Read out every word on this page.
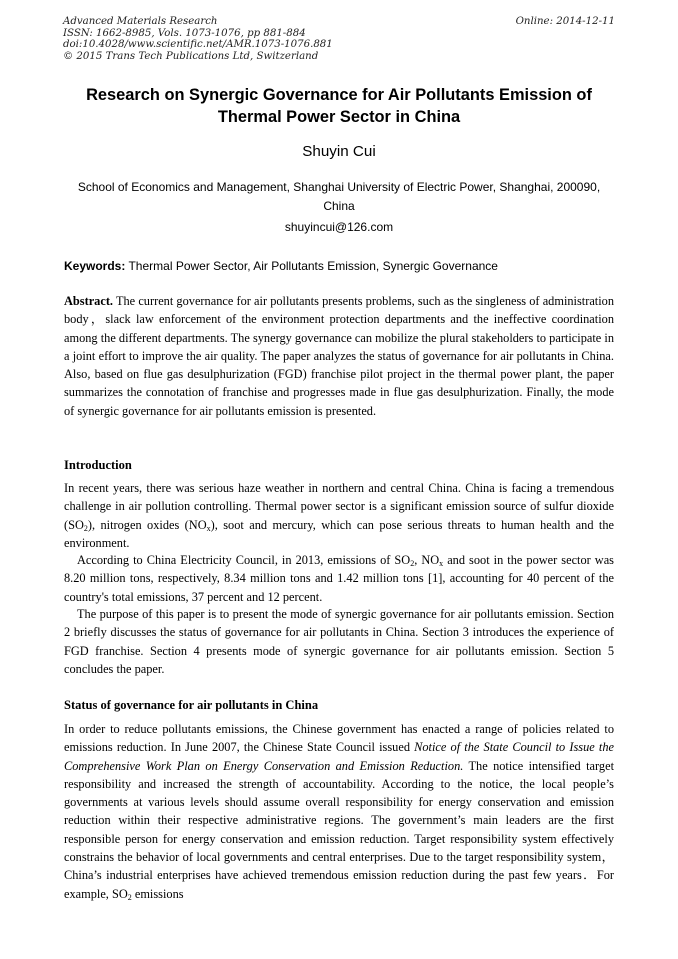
Advanced Materials Research
ISSN: 1662-8985, Vols. 1073-1076, pp 881-884
doi:10.4028/www.scientific.net/AMR.1073-1076.881
© 2015 Trans Tech Publications Ltd, Switzerland
Online: 2014-12-11
Research on Synergic Governance for Air Pollutants Emission of
Thermal Power Sector in China
Shuyin Cui
School of Economics and Management, Shanghai University of Electric Power, Shanghai, 200090,
China
shuyincui@126.com
Keywords: Thermal Power Sector, Air Pollutants Emission, Synergic Governance

Abstract. The current governance for air pollutants presents problems, such as the singleness of administration body，slack law enforcement of the environment protection departments and the ineffective coordination among the different departments. The synergy governance can mobilize the plural stakeholders to participate in a joint effort to improve the air quality. The paper analyzes the status of governance for air pollutants in China. Also, based on flue gas desulphurization (FGD) franchise pilot project in the thermal power plant, the paper summarizes the connotation of franchise and progresses made in flue gas desulphurization. Finally, the mode of synergic governance for air pollutants emission is presented.

Introduction

In recent years, there was serious haze weather in northern and central China. China is facing a tremendous challenge in air pollution controlling. Thermal power sector is a significant emission source of sulfur dioxide $(SO_2)$, nitrogen oxides $(NO_x)$, soot and mercury, which can pose serious threats to human health and the environment.

According to China Electricity Council, in 2013, emissions of $SO_2$, $NO_x$ and soot in the power sector was 8.20 million tons, respectively, 8.34 million tons and 1.42 million tons [1], accounting for 40 percent of the country's total emissions, 37 percent and 12 percent.

The purpose of this paper is to present the mode of synergic governance for air pollutants emission. Section 2 briefly discusses the status of governance for air pollutants in China. Section 3 introduces the experience of FGD franchise. Section 4 presents mode of synergic governance for air pollutants emission. Section 5 concludes the paper.

Status of governance for air pollutants in China

In order to reduce pollutants emissions, the Chinese government has enacted a range of policies related to emissions reduction. In June 2007, the Chinese State Council issued Notice of the State Council to Issue the Comprehensive Work Plan on Energy Conservation and Emission Reduction. The notice intensified target responsibility and increased the strength of accountability. According to the notice, the local people’s governments at various levels should assume overall responsibility for energy conservation and emission reduction within their respective administrative regions. The government’s main leaders are the first responsible person for energy conservation and emission reduction. Target responsibility system effectively constrains the behavior of local governments and central enterprises. Due to the target responsibility system，China’s industrial enterprises have achieved tremendous emission reduction during the past few years．For example, $SO_2$ emissions
